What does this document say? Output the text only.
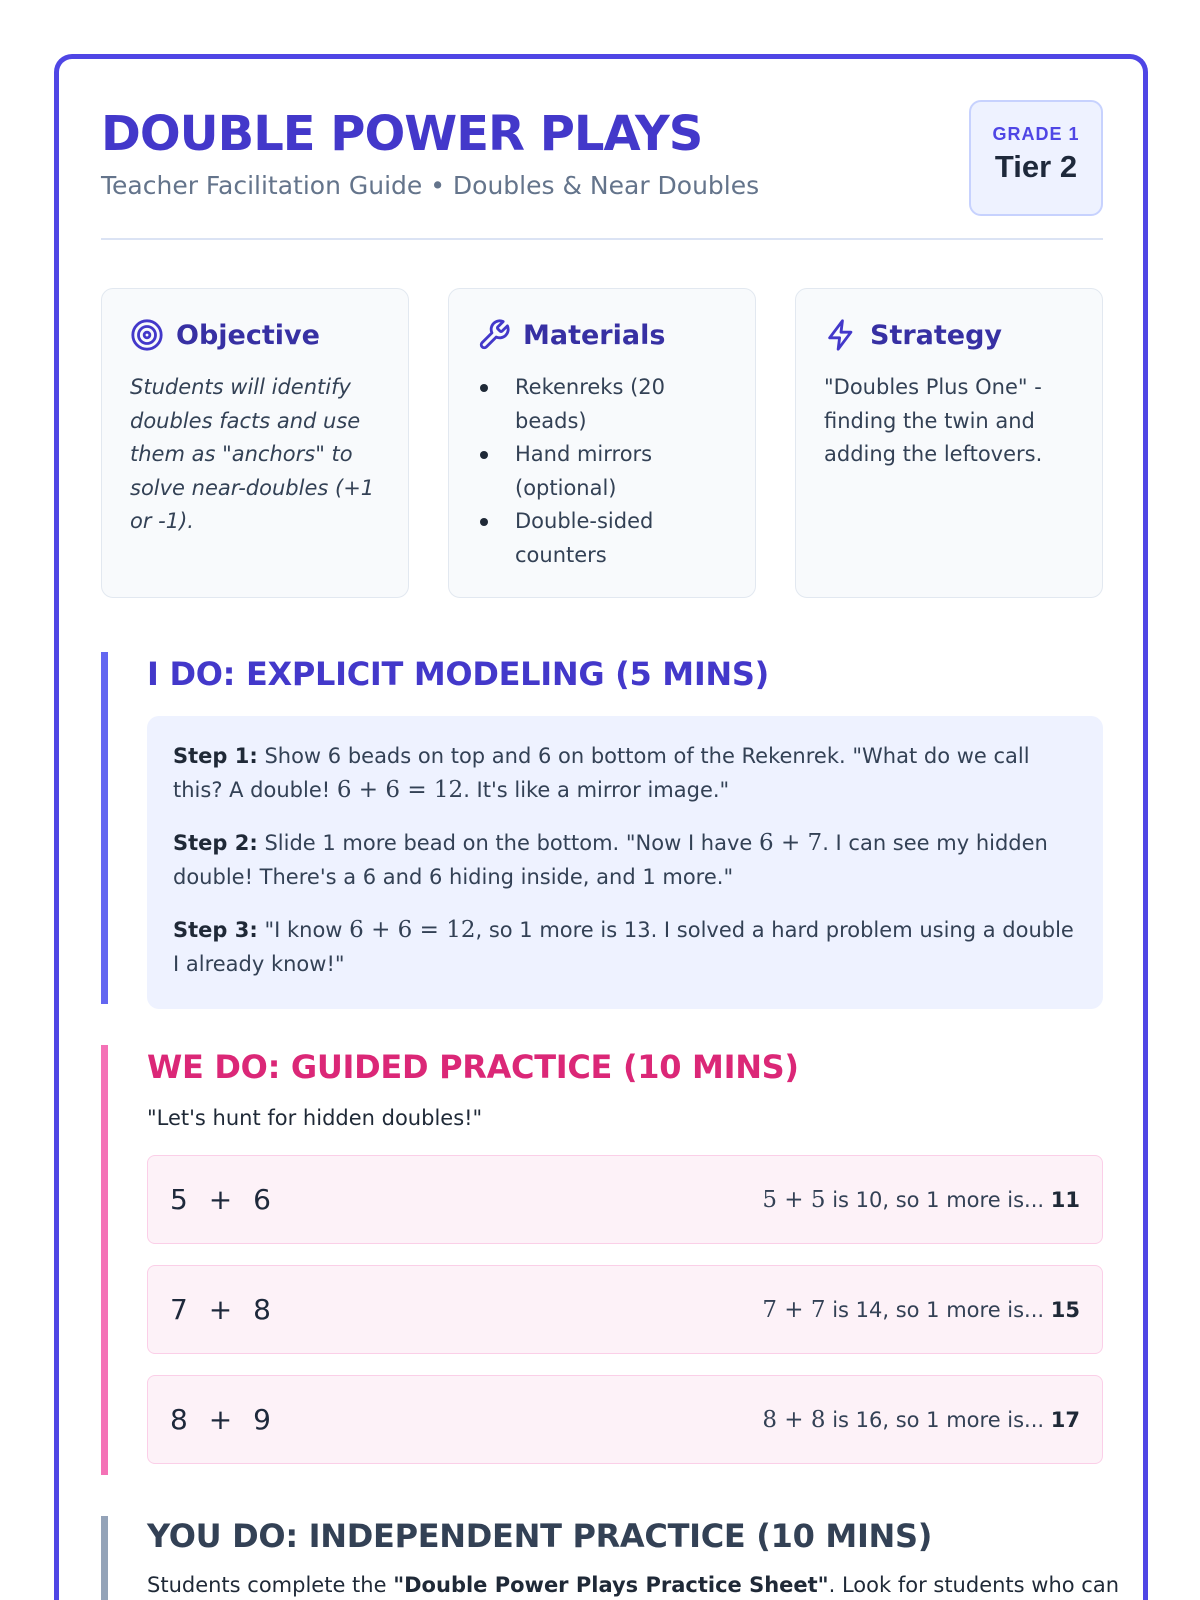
DOUBLE POWER PLAYS
Teacher Facilitation Guide • Doubles & Near Doubles
GRADE 1
Tier 2
Objective
Students will identify doubles facts and use them as "anchors" to solve near-doubles (+1 or -1).
Materials
Rekenreks (20 beads)
Hand mirrors (optional)
Double-sided counters
Strategy
"Doubles Plus One" - finding the twin and adding the leftovers.
I DO: EXPLICIT MODELING (5 MINS)

Step 1: Show 6 beads on top and 6 on bottom of the Rekenrek. "What do we call this? A double! 6 + 6 = 12. It's like a mirror image."

Step 2: Slide 1 more bead on the bottom. "Now I have 6 + 7. I can see my hidden double! There's a 6 and 6 hiding inside, and 1 more."

Step 3: "I know 6 + 6 = 12, so 1 more is 13. I solved a hard problem using a double I already know!"

WE DO: GUIDED PRACTICE (10 MINS)
"Let's hunt for hidden doubles!"
5 + 6	5 + 5 is 10, so 1 more is... 11
7 + 8	7 + 7 is 14, so 1 more is... 15
8 + 9	8 + 8 is 16, so 1 more is... 17
YOU DO: INDEPENDENT PRACTICE (10 MINS)
Students complete the "Double Power Plays Practice Sheet". Look for students who can
